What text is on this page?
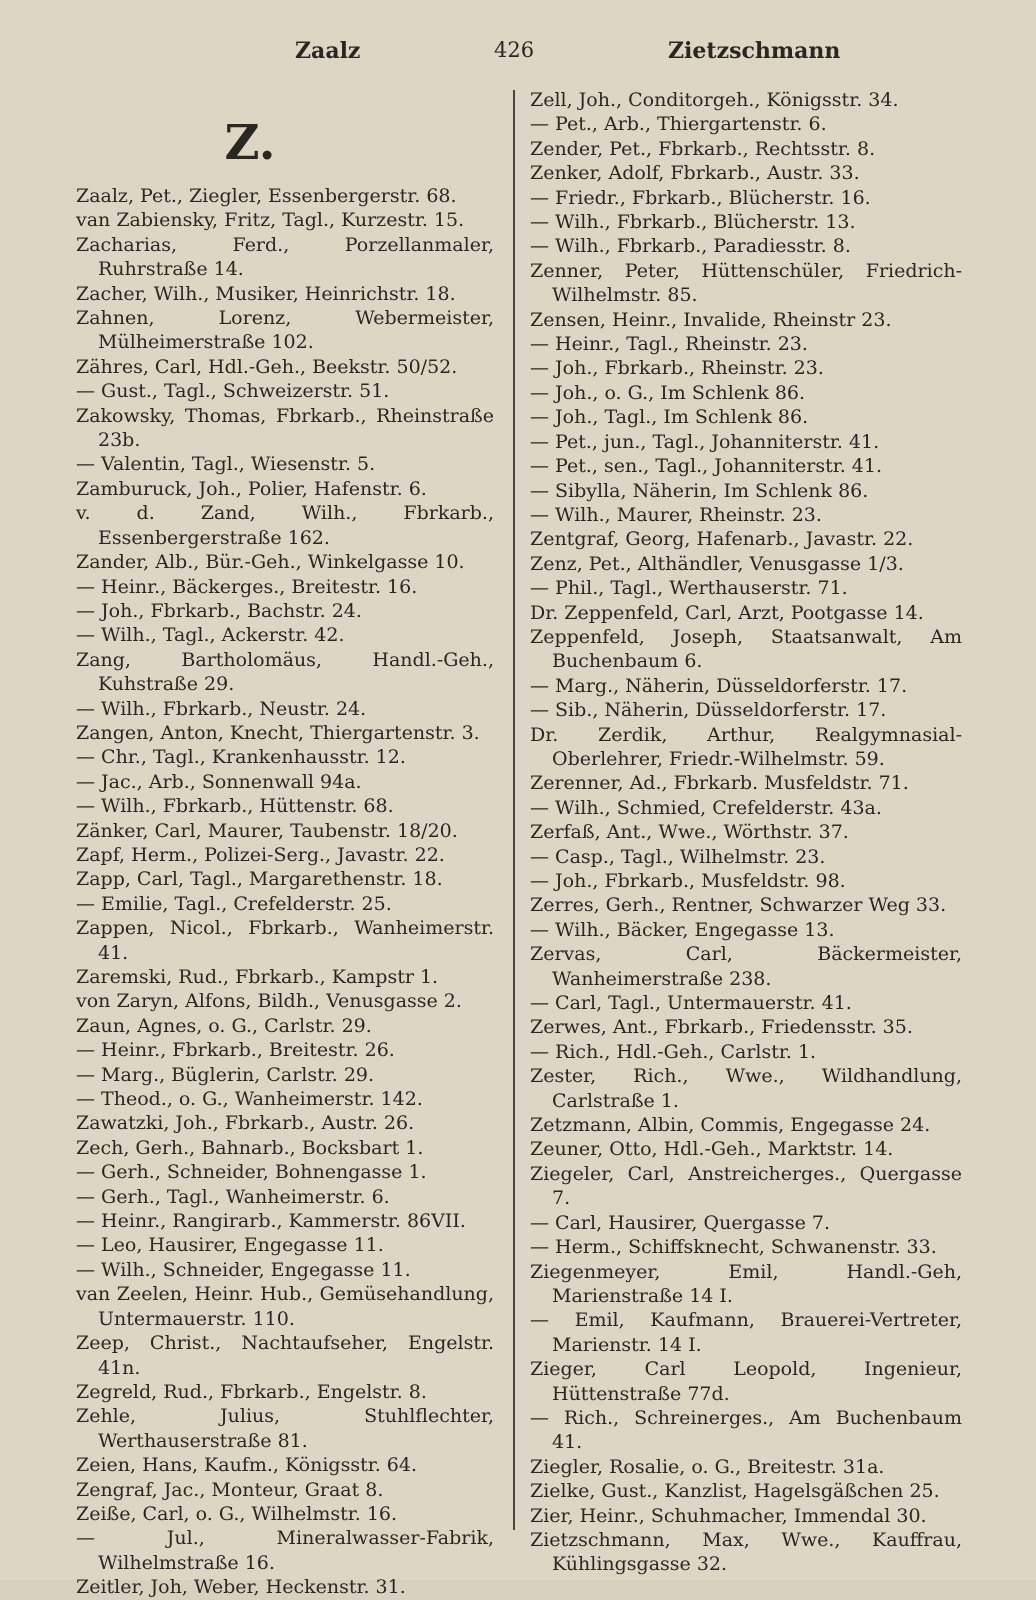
Zaalz	426	Zietzschmann
Z.

Zaalz, Pet., Ziegler, Essenbergerstr. 68.

van Zabiensky, Fritz, Tagl., Kurzestr. 15.

Zacharias, Ferd., Porzellanmaler, Ruhrstraße 14.

Zacher, Wilh., Musiker, Heinrichstr. 18.

Zahnen, Lorenz, Webermeister, Mülheimerstraße 102.

Zähres, Carl, Hdl.-Geh., Beekstr. 50/52.

— Gust., Tagl., Schweizerstr. 51.

Zakowsky, Thomas, Fbrkarb., Rheinstraße 23b.

— Valentin, Tagl., Wiesenstr. 5.

Zamburuck, Joh., Polier, Hafenstr. 6.

v. d. Zand, Wilh., Fbrkarb., Essenbergerstraße 162.

Zander, Alb., Bür.-Geh., Winkelgasse 10.

— Heinr., Bäckerges., Breitestr. 16.

— Joh., Fbrkarb., Bachstr. 24.

— Wilh., Tagl., Ackerstr. 42.

Zang, Bartholomäus, Handl.-Geh., Kuhstraße 29.

— Wilh., Fbrkarb., Neustr. 24.

Zangen, Anton, Knecht, Thiergartenstr. 3.

— Chr., Tagl., Krankenhausstr. 12.

— Jac., Arb., Sonnenwall 94a.

— Wilh., Fbrkarb., Hüttenstr. 68.

Zänker, Carl, Maurer, Taubenstr. 18/20.

Zapf, Herm., Polizei-Serg., Javastr. 22.

Zapp, Carl, Tagl., Margarethenstr. 18.

— Emilie, Tagl., Crefelderstr. 25.

Zappen, Nicol., Fbrkarb., Wanheimerstr. 41.

Zaremski, Rud., Fbrkarb., Kampstr 1.

von Zaryn, Alfons, Bildh., Venusgasse 2.

Zaun, Agnes, o. G., Carlstr. 29.

— Heinr., Fbrkarb., Breitestr. 26.

— Marg., Büglerin, Carlstr. 29.

— Theod., o. G., Wanheimerstr. 142.

Zawatzki, Joh., Fbrkarb., Austr. 26.

Zech, Gerh., Bahnarb., Bocksbart 1.

— Gerh., Schneider, Bohnengasse 1.

— Gerh., Tagl., Wanheimerstr. 6.

— Heinr., Rangirarb., Kammerstr. 86VII.

— Leo, Hausirer, Engegasse 11.

— Wilh., Schneider, Engegasse 11.

van Zeelen, Heinr. Hub., Gemüsehandlung, Untermauerstr. 110.

Zeep, Christ., Nachtaufseher, Engelstr. 41n.

Zegreld, Rud., Fbrkarb., Engelstr. 8.

Zehle, Julius, Stuhlflechter, Werthauserstraße 81.

Zeien, Hans, Kaufm., Königsstr. 64.

Zengraf, Jac., Monteur, Graat 8.

Zeiße, Carl, o. G., Wilhelmstr. 16.

— Jul., Mineralwasser-Fabrik, Wilhelmstraße 16.

Zeitler, Joh, Weber, Heckenstr. 31.

Zell, Joh., Conditorgeh., Königsstr. 34.

— Pet., Arb., Thiergartenstr. 6.

Zender, Pet., Fbrkarb., Rechtsstr. 8.

Zenker, Adolf, Fbrkarb., Austr. 33.

— Friedr., Fbrkarb., Blücherstr. 16.

— Wilh., Fbrkarb., Blücherstr. 13.

— Wilh., Fbrkarb., Paradiesstr. 8.

Zenner, Peter, Hüttenschüler, Friedrich-Wilhelmstr. 85.

Zensen, Heinr., Invalide, Rheinstr 23.

— Heinr., Tagl., Rheinstr. 23.

— Joh., Fbrkarb., Rheinstr. 23.

— Joh., o. G., Im Schlenk 86.

— Joh., Tagl., Im Schlenk 86.

— Pet., jun., Tagl., Johanniterstr. 41.

— Pet., sen., Tagl., Johanniterstr. 41.

— Sibylla, Näherin, Im Schlenk 86.

— Wilh., Maurer, Rheinstr. 23.

Zentgraf, Georg, Hafenarb., Javastr. 22.

Zenz, Pet., Althändler, Venusgasse 1/3.

— Phil., Tagl., Werthauserstr. 71.

Dr. Zeppenfeld, Carl, Arzt, Pootgasse 14.

Zeppenfeld, Joseph, Staatsanwalt, Am Buchenbaum 6.

— Marg., Näherin, Düsseldorferstr. 17.

— Sib., Näherin, Düsseldorferstr. 17.

Dr. Zerdik, Arthur, Realgymnasial-Oberlehrer, Friedr.-Wilhelmstr. 59.

Zerenner, Ad., Fbrkarb. Musfeldstr. 71.

— Wilh., Schmied, Crefelderstr. 43a.

Zerfaß, Ant., Wwe., Wörthstr. 37.

— Casp., Tagl., Wilhelmstr. 23.

— Joh., Fbrkarb., Musfeldstr. 98.

Zerres, Gerh., Rentner, Schwarzer Weg 33.

— Wilh., Bäcker, Engegasse 13.

Zervas, Carl, Bäckermeister, Wanheimerstraße 238.

— Carl, Tagl., Untermauerstr. 41.

Zerwes, Ant., Fbrkarb., Friedensstr. 35.

— Rich., Hdl.-Geh., Carlstr. 1.

Zester, Rich., Wwe., Wildhandlung, Carlstraße 1.

Zetzmann, Albin, Commis, Engegasse 24.

Zeuner, Otto, Hdl.-Geh., Marktstr. 14.

Ziegeler, Carl, Anstreicherges., Quergasse 7.

— Carl, Hausirer, Quergasse 7.

— Herm., Schiffsknecht, Schwanenstr. 33.

Ziegenmeyer, Emil, Handl.-Geh, Marienstraße 14 I.

— Emil, Kaufmann, Brauerei-Vertreter, Marienstr. 14 I.

Zieger, Carl Leopold, Ingenieur, Hüttenstraße 77d.

— Rich., Schreinerges., Am Buchenbaum 41.

Ziegler, Rosalie, o. G., Breitestr. 31a.

Zielke, Gust., Kanzlist, Hagelsgäßchen 25.

Zier, Heinr., Schuhmacher, Immendal 30.

Zietzschmann, Max, Wwe., Kauffrau, Kühlingsgasse 32.
